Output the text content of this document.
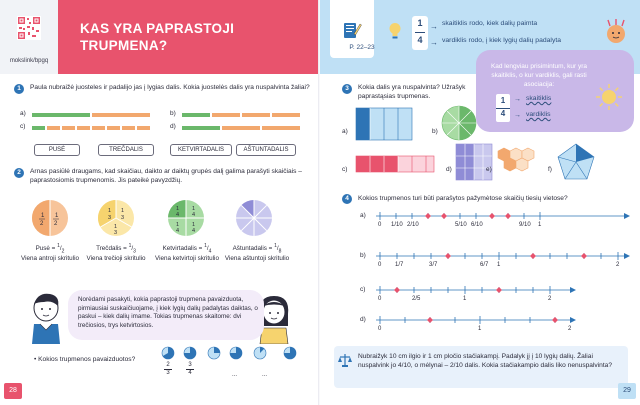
mokslink/bpgq
KAS YRA PAPRASTOJI TRUPMENA?
1	Paula nubraižė juosteles ir padalijo jas į lygias dalis. Kokia juostelės dalis yra nuspalvinta žaliai?
a)	b)
c)	d)
PUSĖ	TREČDALIS	KETVIRTADALIS	AŠTUNTADALIS
2	Arnas pasiūlė draugams, kad skaičiau, daikto ar daiktų grupės dalį galima parašyti skaičiais – paprastosiomis trupmenomis. Jis pateikė pavyzdžių.
1
2
1
2
1
3
1
3
1
3
1
4
1
4
1
4
1
4
Pusė = $^1/_2$
Viena antroji skritulio
Trečdalis = $^1/_3$
Viena trečioji skritulio
Ketvirtadalis = $^1/_4$
Viena ketvirtoji skritulio
Aštuntadalis = $^1/_8$
Viena aštuntoji skritulio
Norėdami pasakyti, kokia paprastoji trupmena pavaizduota, pirmiausiai suskaičiuojame, į kiek lygių dalių padalytas daiktas, o paskui – kiek dalių imame. Tokias trupmenas skaitome: dvi trečiosios, trys ketvirtosios.
• Kokios trupmenos pavaizduotos?
2
3
3
4	...	...
28
P. 22–23
1
4
→
→
skaitiklis rodo, kiek dalių paimta
vardiklis rodo, į kiek lygių dalių padalyta
Kad lengviau prisimintum, kur yra skaitiklis, o kur vardiklis, gali rasti asociacija:
$\frac{1}{4}$ →
→
skaitiklis
vardiklis
3	Kokia dalis yra nuspalvinta? Užrašyk paprastąsias trupmenas.
a)	b)
c)	d)	e)	f)
4	Kokios trupmenos turi būti parašytos pažymėtose skaičių tiesių vietose?
a)
0 1/10 2/10	5/10 6/10	9/10 1
b)
0 1/7	3/7	6/7 1	2
c)
0	2/5	1	2
d)
0	1	2
Nubraižyk 10 cm ilgio ir 1 cm pločio stačiakampį. Padalyk jį į 10 lygių dalių. Žaliai nuspalvink jo 4/10, o mėlynai – 2/10 dalis. Kokia stačiakampio dalis liko nenuspalvinta?
29
